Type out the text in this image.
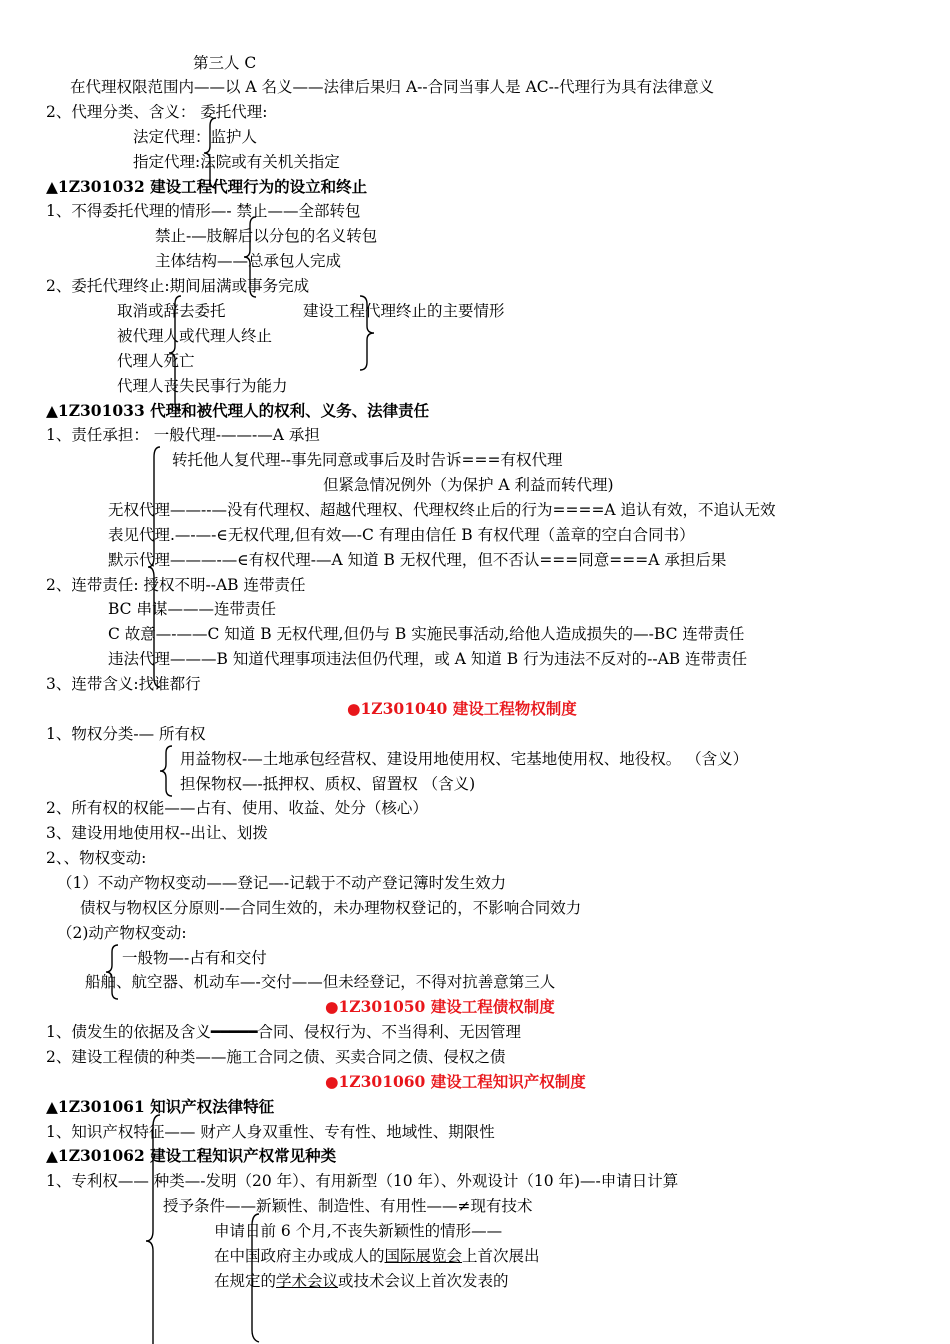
第三人 C
在代理权限范围内——以 A 名义——法律后果归 A--合同当事人是 AC--代理行为具有法律意义
2、代理分类、含义： 委托代理:
法定代理：监护人
指定代理:法院或有关机关指定
▲1Z301032 建设工程代理行为的设立和终止
1、不得委托代理的情形—- 禁止——全部转包
禁止-—肢解后以分包的名义转包
主体结构——总承包人完成
2、委托代理终止:期间届满或事务完成
取消或辞去委托	建设工程代理终止的主要情形
被代理人或代理人终止
代理人死亡
代理人丧失民事行为能力
▲1Z301033 代理和被代理人的权利、义务、法律责任
1、责任承担： 一般代理-——-—A 承担
转托他人复代理--事先同意或事后及时告诉===有权代理
但紧急情况例外（为保护 A 利益而转代理)
无权代理——--—没有代理权、超越代理权、代理权终止后的行为====A 追认有效，不追认无效
表见代理.—-—-∈无权代理,但有效—-C 有理由信任 B 有权代理（盖章的空白合同书）
默示代理———-—∈有权代理-—A 知道 B 无权代理，但不否认===同意===A 承担后果
2、连带责任: 授权不明--AB 连带责任
BC 串谋———连带责任
C 故意—-——C 知道 B 无权代理,但仍与 B 实施民事活动,给他人造成损失的—-BC 连带责任
违法代理———B 知道代理事项违法但仍代理，或 A 知道 B 行为违法不反对的--AB 连带责任
3、连带含义:找谁都行
●1Z301040 建设工程物权制度
1、物权分类-— 所有权
用益物权-—土地承包经营权、建设用地使用权、宅基地使用权、地役权。 （含义）
担保物权—-抵押权、质权、留置权 （含义)
2、所有权的权能——占有、使用、收益、处分（核心）
3、建设用地使用权--出让、划拨
2、、物权变动:
（1）不动产物权变动——登记—-记载于不动产登记簿时发生效力
债权与物权区分原则-—合同生效的，未办理物权登记的，不影响合同效力
（2)动产物权变动:
一般物—-占有和交付
船舶、航空器、机动车—-交付——但未经登记，不得对抗善意第三人
●1Z301050 建设工程债权制度
1、债发生的依据及含义━━━━━合同、侵权行为、不当得利、无因管理
2、建设工程债的种类——施工合同之债、买卖合同之债、侵权之债
●1Z301060 建设工程知识产权制度
▲1Z301061 知识产权法律特征
1、知识产权特征—— 财产人身双重性、专有性、地域性、期限性
▲1Z301062 建设工程知识产权常见种类
1、专利权—— 种类—-发明（20 年）、有用新型（10 年）、外观设计（10 年)—-申请日计算
授予条件——新颖性、制造性、有用性——≠现有技术
申请日前 6 个月,不丧失新颖性的情形——
在中国政府主办或成人的国际展览会上首次展出
在规定的学术会议或技术会议上首次发表的
